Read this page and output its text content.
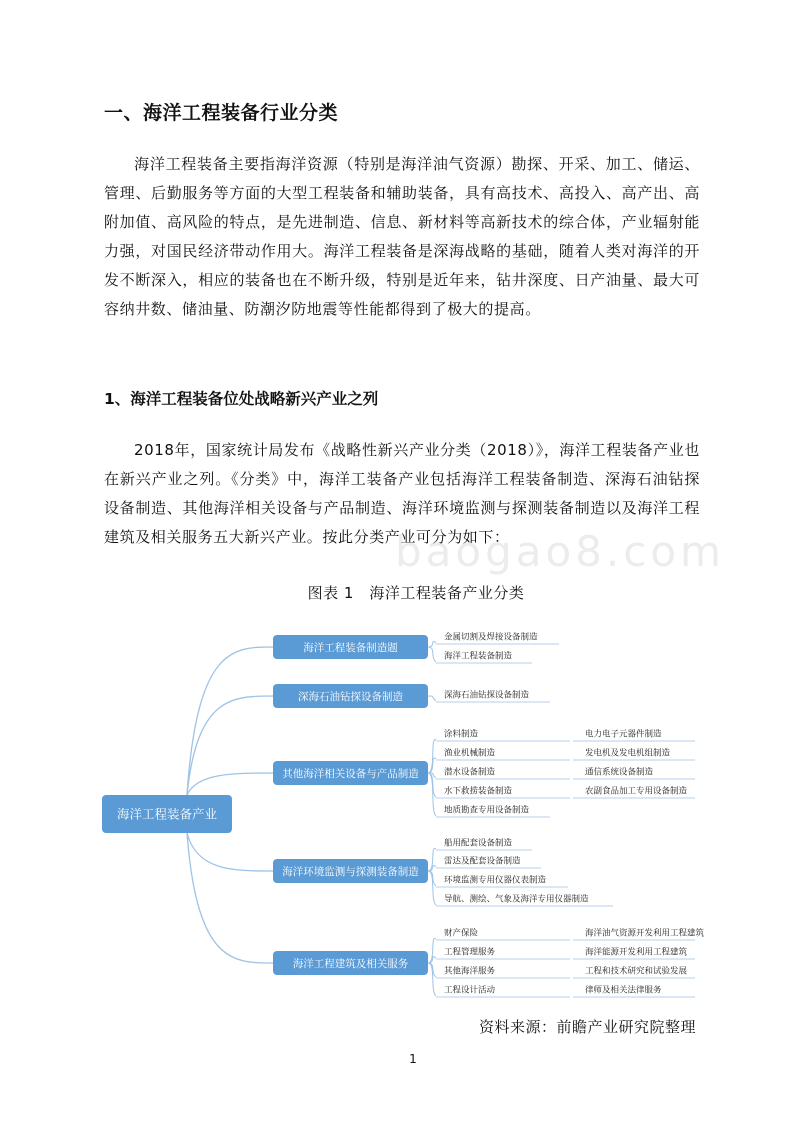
一、海洋工程装备行业分类

海洋工程装备主要指海洋资源（特别是海洋油气资源）勘探、开采、加工、储运、管理、后勤服务等方面的大型工程装备和辅助装备，具有高技术、高投入、高产出、高附加值、高风险的特点，是先进制造、信息、新材料等高新技术的综合体，产业辐射能力强，对国民经济带动作用大。海洋工程装备是深海战略的基础，随着人类对海洋的开发不断深入，相应的装备也在不断升级，特别是近年来，钻井深度、日产油量、最大可容纳井数、储油量、防潮汐防地震等性能都得到了极大的提高。

1、海洋工程装备位处战略新兴产业之列

2018年，国家统计局发布《战略性新兴产业分类（2018）》，海洋工程装备产业也在新兴产业之列。《分类》中，海洋工装备产业包括海洋工程装备制造、深海石油钻探设备制造、其他海洋相关设备与产品制造、海洋环境监测与探测装备制造以及海洋工程建筑及相关服务五大新兴产业。按此分类产业可分为如下：

baogao8.com
图表 1　海洋工程装备产业分类
海洋工程装备产业
海洋工程装备制造题
金属切割及焊接设备制造
海洋工程装备制造
深海石油钻探设备制造	深海石油钻探设备制造
其他海洋相关设备与产品制造
涂料制造	电力电子元器件制造
渔业机械制造	发电机及发电机组制造
潜水设备制造	通信系统设备制造
水下救捞装备制造	农副食品加工专用设备制造
地质勘查专用设备制造
海洋环境监测与探测装备制造
船用配套设备制造
雷达及配套设备制造
环境监测专用仪器仪表制造
导航、测绘、气象及海洋专用仪器制造
海洋工程建筑及相关服务
财产保险	海洋油气资源开发利用工程建筑
工程管理服务	海洋能源开发利用工程建筑
其他海洋服务	工程和技术研究和试验发展
工程设计活动	律师及相关法律服务
资料来源：前瞻产业研究院整理
1
